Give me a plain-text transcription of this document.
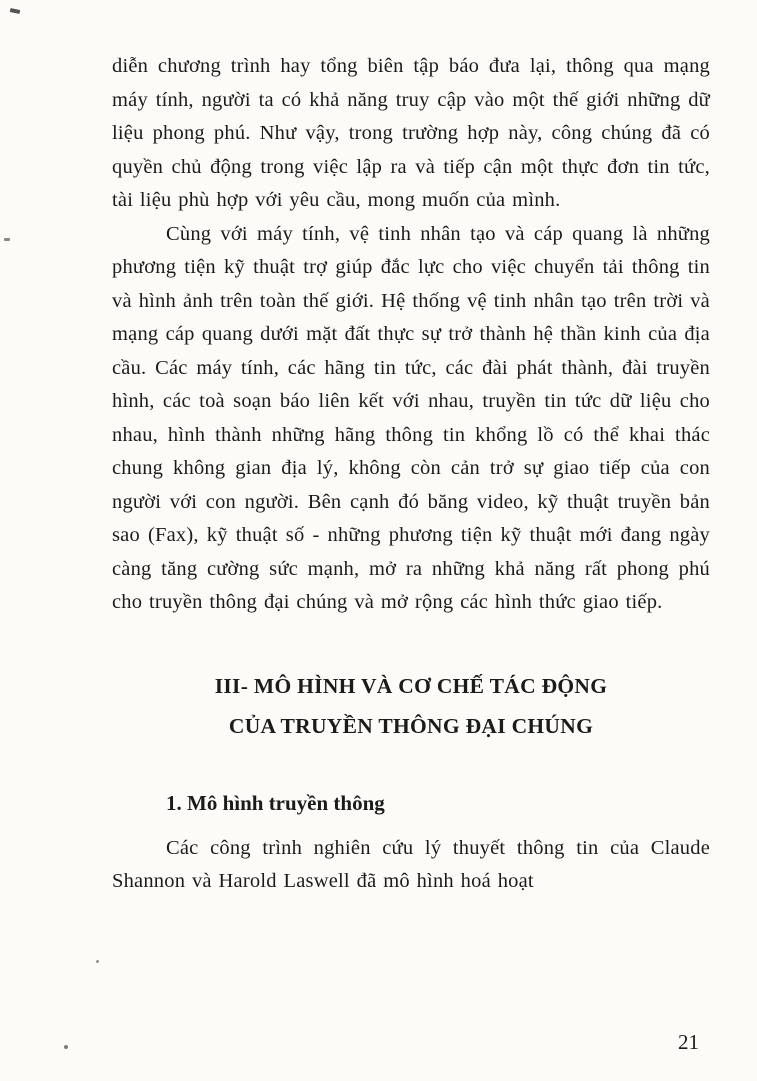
diễn chương trình hay tổng biên tập báo đưa lại, thông qua mạng máy tính, người ta có khả năng truy cập vào một thế giới những dữ liệu phong phú. Như vậy, trong trường hợp này, công chúng đã có quyền chủ động trong việc lập ra và tiếp cận một thực đơn tin tức, tài liệu phù hợp với yêu cầu, mong muốn của mình.

Cùng với máy tính, vệ tinh nhân tạo và cáp quang là những phương tiện kỹ thuật trợ giúp đắc lực cho việc chuyển tải thông tin và hình ảnh trên toàn thế giới. Hệ thống vệ tinh nhân tạo trên trời và mạng cáp quang dưới mặt đất thực sự trở thành hệ thần kinh của địa cầu. Các máy tính, các hãng tin tức, các đài phát thành, đài truyền hình, các toà soạn báo liên kết với nhau, truyền tin tức dữ liệu cho nhau, hình thành những hãng thông tin khổng lồ có thể khai thác chung không gian địa lý, không còn cản trở sự giao tiếp của con người với con người. Bên cạnh đó băng video, kỹ thuật truyền bản sao (Fax), kỹ thuật số - những phương tiện kỹ thuật mới đang ngày càng tăng cường sức mạnh, mở ra những khả năng rất phong phú cho truyền thông đại chúng và mở rộng các hình thức giao tiếp.

III- MÔ HÌNH VÀ CƠ CHẾ TÁC ĐỘNG
CỦA TRUYỀN THÔNG ĐẠI CHÚNG
1. Mô hình truyền thông

Các công trình nghiên cứu lý thuyết thông tin của Claude Shannon và Harold Laswell đã mô hình hoá hoạt

21
